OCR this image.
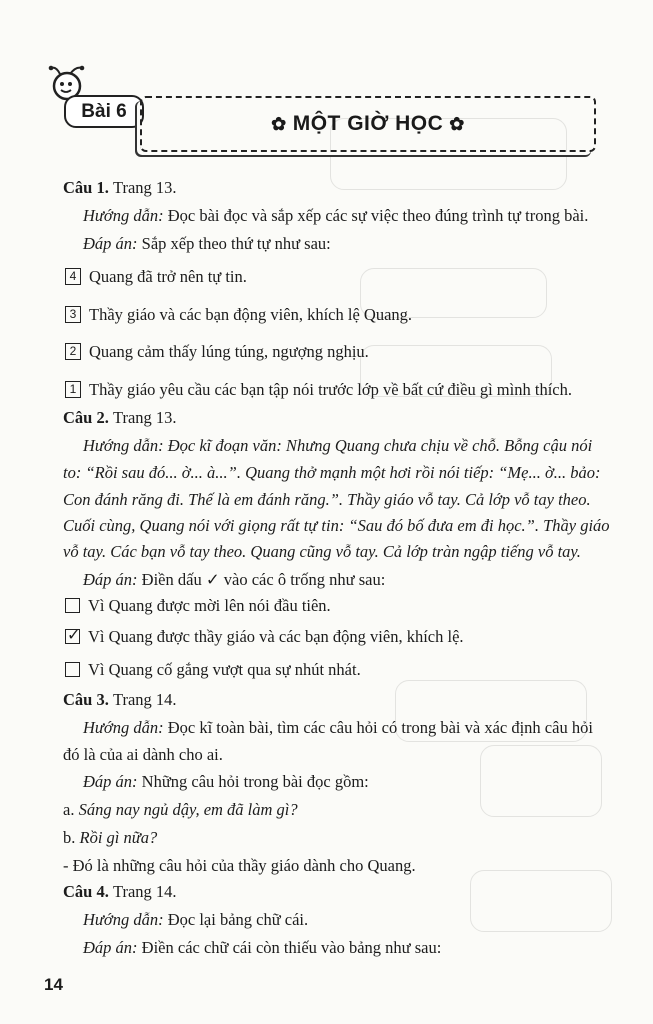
Bài 6
✿ MỘT GIỜ HỌC ✿
Câu 1. Trang 13.
Hướng dẫn: Đọc bài đọc và sắp xếp các sự việc theo đúng trình tự trong bài.
Đáp án: Sắp xếp theo thứ tự như sau:
4 Quang đã trở nên tự tin.
3 Thầy giáo và các bạn động viên, khích lệ Quang.
2 Quang cảm thấy lúng túng, ngượng nghịu.
1 Thầy giáo yêu cầu các bạn tập nói trước lớp về bất cứ điều gì mình thích.
Câu 2. Trang 13.
Hướng dẫn: Đọc kĩ đoạn văn: Nhưng Quang chưa chịu về chỗ. Bỗng cậu nói
to: “Rồi sau đó... ờ... à...”. Quang thở mạnh một hơi rồi nói tiếp: “Mẹ... ờ... bảo:
Con đánh răng đi. Thế là em đánh răng.”. Thầy giáo vỗ tay. Cả lớp vỗ tay theo.
Cuối cùng, Quang nói với giọng rất tự tin: “Sau đó bố đưa em đi học.”. Thầy giáo
vỗ tay. Các bạn vỗ tay theo. Quang cũng vỗ tay. Cả lớp tràn ngập tiếng vỗ tay.
Đáp án: Điền dấu ✓ vào các ô trống như sau:
Vì Quang được mời lên nói đầu tiên.
✓ Vì Quang được thầy giáo và các bạn động viên, khích lệ.
Vì Quang cố gắng vượt qua sự nhút nhát.
Câu 3. Trang 14.
Hướng dẫn: Đọc kĩ toàn bài, tìm các câu hỏi có trong bài và xác định câu hỏi
đó là của ai dành cho ai.
Đáp án: Những câu hỏi trong bài đọc gồm:
a. Sáng nay ngủ dậy, em đã làm gì?
b. Rồi gì nữa?
- Đó là những câu hỏi của thầy giáo dành cho Quang.
Câu 4. Trang 14.
Hướng dẫn: Đọc lại bảng chữ cái.
Đáp án: Điền các chữ cái còn thiếu vào bảng như sau:
14
